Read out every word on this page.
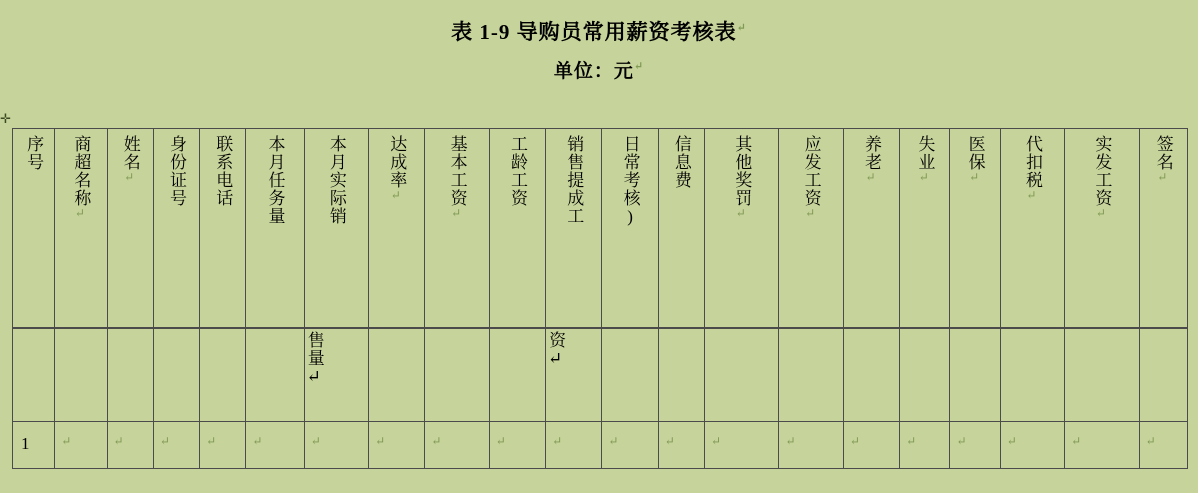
表 1-9 导购员常用薪资考核表↵
单位：元↵
✛
序号	商超名称↵	姓名↵	身份证号	联系电话	本月任务量	本月实际销	达成率↵	基本工资↵	工龄工资	销售提成工	日常考核)	信息费	其他奖罚↵	应发工资↵	养老↵	失业↵	医保↵	代扣税↵	实发工资↵	签名↵

						售量↵				资↵										

1	↵	↵	↵	↵	↵	↵	↵	↵	↵	↵	↵	↵	↵	↵	↵	↵	↵	↵	↵	↵
